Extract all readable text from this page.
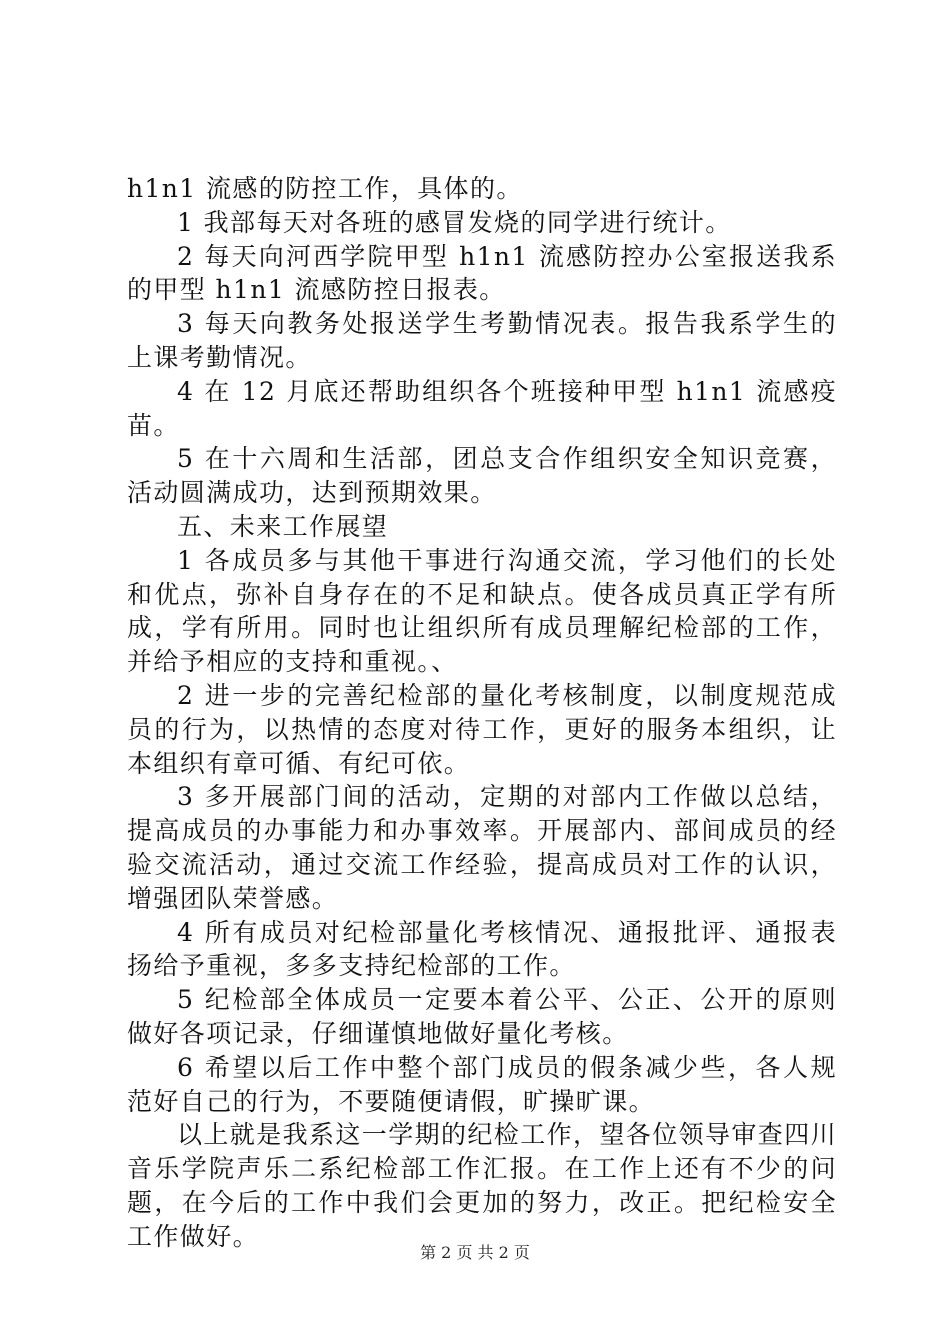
h1n1 流感的防控工作，具体的。

1 我部每天对各班的感冒发烧的同学进行统计。

2 每天向河西学院甲型 h1n1 流感防控办公室报送我系的甲型 h1n1 流感防控日报表。

3 每天向教务处报送学生考勤情况表。报告我系学生的上课考勤情况。

4 在 12 月底还帮助组织各个班接种甲型 h1n1 流感疫苗。

5 在十六周和生活部，团总支合作组织安全知识竞赛，活动圆满成功，达到预期效果。

五、未来工作展望

1 各成员多与其他干事进行沟通交流，学习他们的长处和优点，弥补自身存在的不足和缺点。使各成员真正学有所成，学有所用。同时也让组织所有成员理解纪检部的工作，并给予相应的支持和重视。、

2 进一步的完善纪检部的量化考核制度，以制度规范成员的行为，以热情的态度对待工作，更好的服务本组织，让本组织有章可循、有纪可依。

3 多开展部门间的活动，定期的对部内工作做以总结，提高成员的办事能力和办事效率。开展部内、部间成员的经验交流活动，通过交流工作经验，提高成员对工作的认识，增强团队荣誉感。

4 所有成员对纪检部量化考核情况、通报批评、通报表扬给予重视，多多支持纪检部的工作。

5 纪检部全体成员一定要本着公平、公正、公开的原则做好各项记录，仔细谨慎地做好量化考核。

6 希望以后工作中整个部门成员的假条减少些，各人规范好自己的行为，不要随便请假，旷操旷课。

以上就是我系这一学期的纪检工作，望各位领导审查四川音乐学院声乐二系纪检部工作汇报。在工作上还有不少的问题，在今后的工作中我们会更加的努力，改正。把纪检安全工作做好。

第 2 页 共 2 页
